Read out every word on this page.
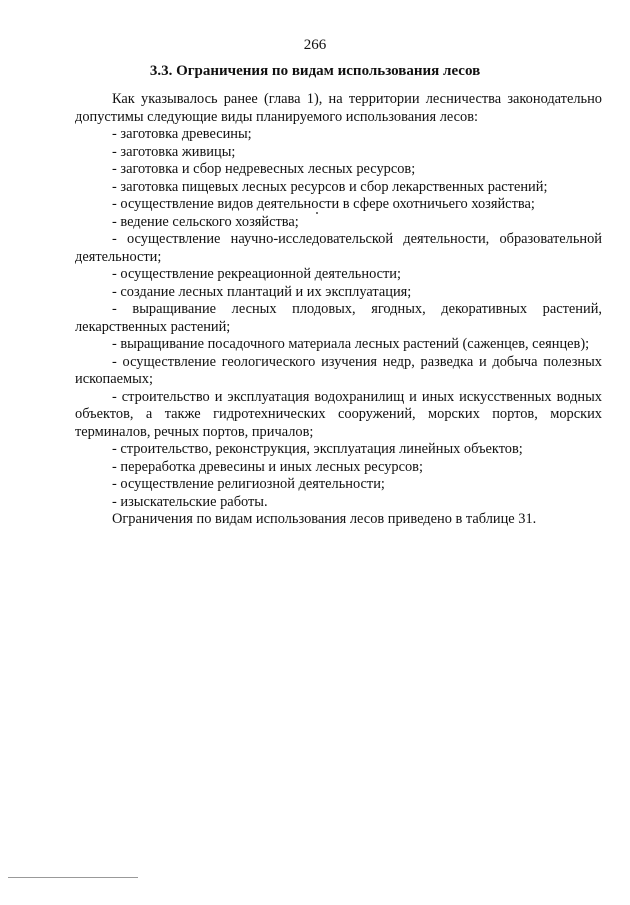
266
3.3. Ограничения по видам использования лесов

Как указывалось ранее (глава 1), на территории лесничества законодательно допустимы следующие виды планируемого использования лесов:

- заготовка древесины;

- заготовка живицы;

- заготовка и сбор недревесных лесных ресурсов;

- заготовка пищевых лесных ресурсов и сбор лекарственных растений;

- осуществление видов деятельности в сфере охотничьего хозяйства;

- ведение сельского хозяйства;

- осуществление научно-исследовательской деятельности, образовательной деятельности;

- осуществление рекреационной деятельности;

- создание лесных плантаций и их эксплуатация;

- выращивание лесных плодовых, ягодных, декоративных растений, лекарственных растений;

- выращивание посадочного материала лесных растений (саженцев, сеянцев);

- осуществление геологического изучения недр, разведка и добыча полезных ископаемых;

- строительство и эксплуатация водохранилищ и иных искусственных водных объектов, а также гидротехнических сооружений, морских портов, морских терминалов, речных портов, причалов;

- строительство, реконструкция, эксплуатация линейных объектов;

- переработка древесины и иных лесных ресурсов;

- осуществление религиозной деятельности;

- изыскательские работы.

Ограничения по видам использования лесов приведено в таблице 31.
